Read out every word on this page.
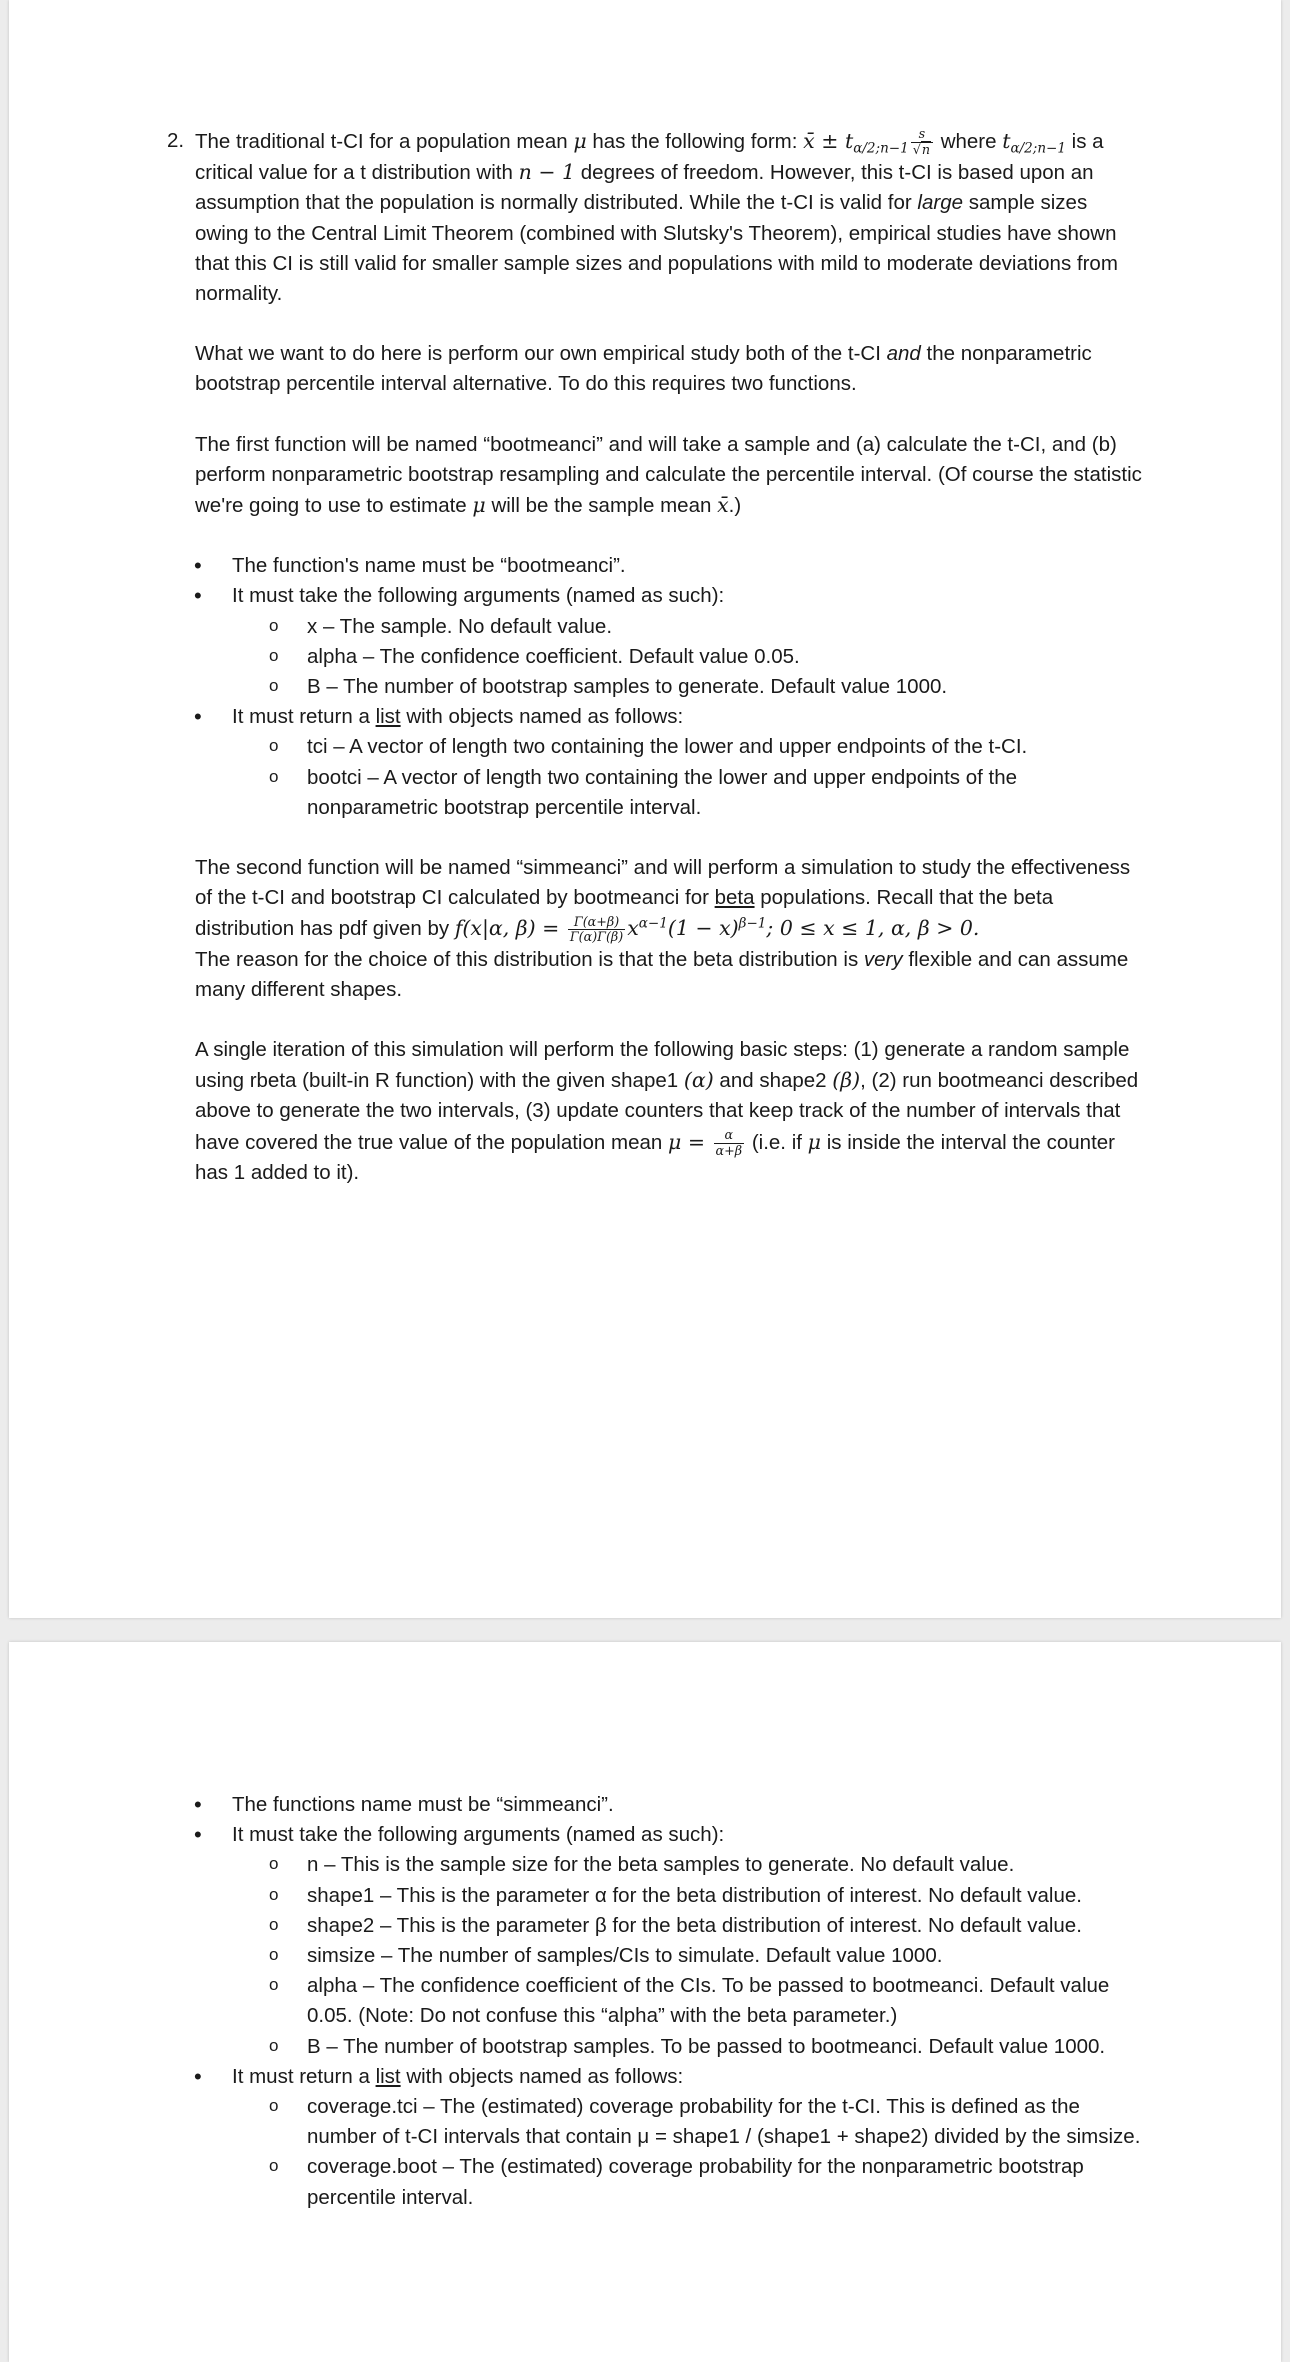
2. The traditional t-CI for a population mean μ has the following form: x̄ ± $t_{\alpha/2;n-1} \frac{s}{√n}$ where $t_{\alpha/2;n-1}$ is a critical value for a t distribution with n − 1 degrees of freedom. However, this t-CI is based upon an assumption that the population is normally distributed. While the t-CI is valid for large sample sizes owing to the Central Limit Theorem (combined with Slutsky's Theorem), empirical studies have shown that this CI is still valid for smaller sample sizes and populations with mild to moderate deviations from normality.

What we want to do here is perform our own empirical study both of the t-CI and the nonparametric bootstrap percentile interval alternative. To do this requires two functions.

The first function will be named “bootmeanci” and will take a sample and (a) calculate the t-CI, and (b) perform nonparametric bootstrap resampling and calculate the percentile interval. (Of course the statistic we're going to use to estimate μ will be the sample mean x̄.)

• The function's name must be “bootmeanci”.
• It must take the following arguments (named as such):
o x – The sample. No default value.
o alpha – The confidence coefficient. Default value 0.05.
o B – The number of bootstrap samples to generate. Default value 1000.
• It must return a list with objects named as follows:
o tci – A vector of length two containing the lower and upper endpoints of the t-CI.
o bootci – A vector of length two containing the lower and upper endpoints of the nonparametric bootstrap percentile interval.

The second function will be named “simmeanci” and will perform a simulation to study the effectiveness of the t-CI and bootstrap CI calculated by bootmeanci for beta populations. Recall that the beta distribution has pdf given by f(x|α, $\beta) = \frac{\Gamma(\alpha+\beta)}{\Gamma(\alpha)\Gamma(\beta)} x^{\alpha-1}(1 - x)^{\beta-1}$; 0 ≤ x ≤ 1, α, β > 0.
The reason for the choice of this distribution is that the beta distribution is very flexible and can assume many different shapes.

A single iteration of this simulation will perform the following basic steps: (1) generate a random sample using rbeta (built-in R function) with the given shape1 (α) and shape2 (β), (2) run bootmeanci described above to generate the two intervals, (3) update counters that keep track of the number of intervals that have covered the true value of the population mean $\mu = \frac{\alpha}{\alpha+\beta} (i.e$. if μ is inside the interval the counter has 1 added to it).

• The functions name must be “simmeanci”.
• It must take the following arguments (named as such):
o n – This is the sample size for the beta samples to generate. No default value.
o shape1 – This is the parameter α for the beta distribution of interest. No default value.
o shape2 – This is the parameter β for the beta distribution of interest. No default value.
o simsize – The number of samples/CIs to simulate. Default value 1000.
o alpha – The confidence coefficient of the CIs. To be passed to bootmeanci. Default value 0.05. (Note: Do not confuse this “alpha” with the beta parameter.)
o B – The number of bootstrap samples. To be passed to bootmeanci. Default value 1000.
• It must return a list with objects named as follows:
o coverage.tci – The (estimated) coverage probability for the t-CI. This is defined as the number of t-CI intervals that contain μ = shape1 / (shape1 + shape2) divided by the simsize.
o coverage.boot – The (estimated) coverage probability for the nonparametric bootstrap percentile interval.
